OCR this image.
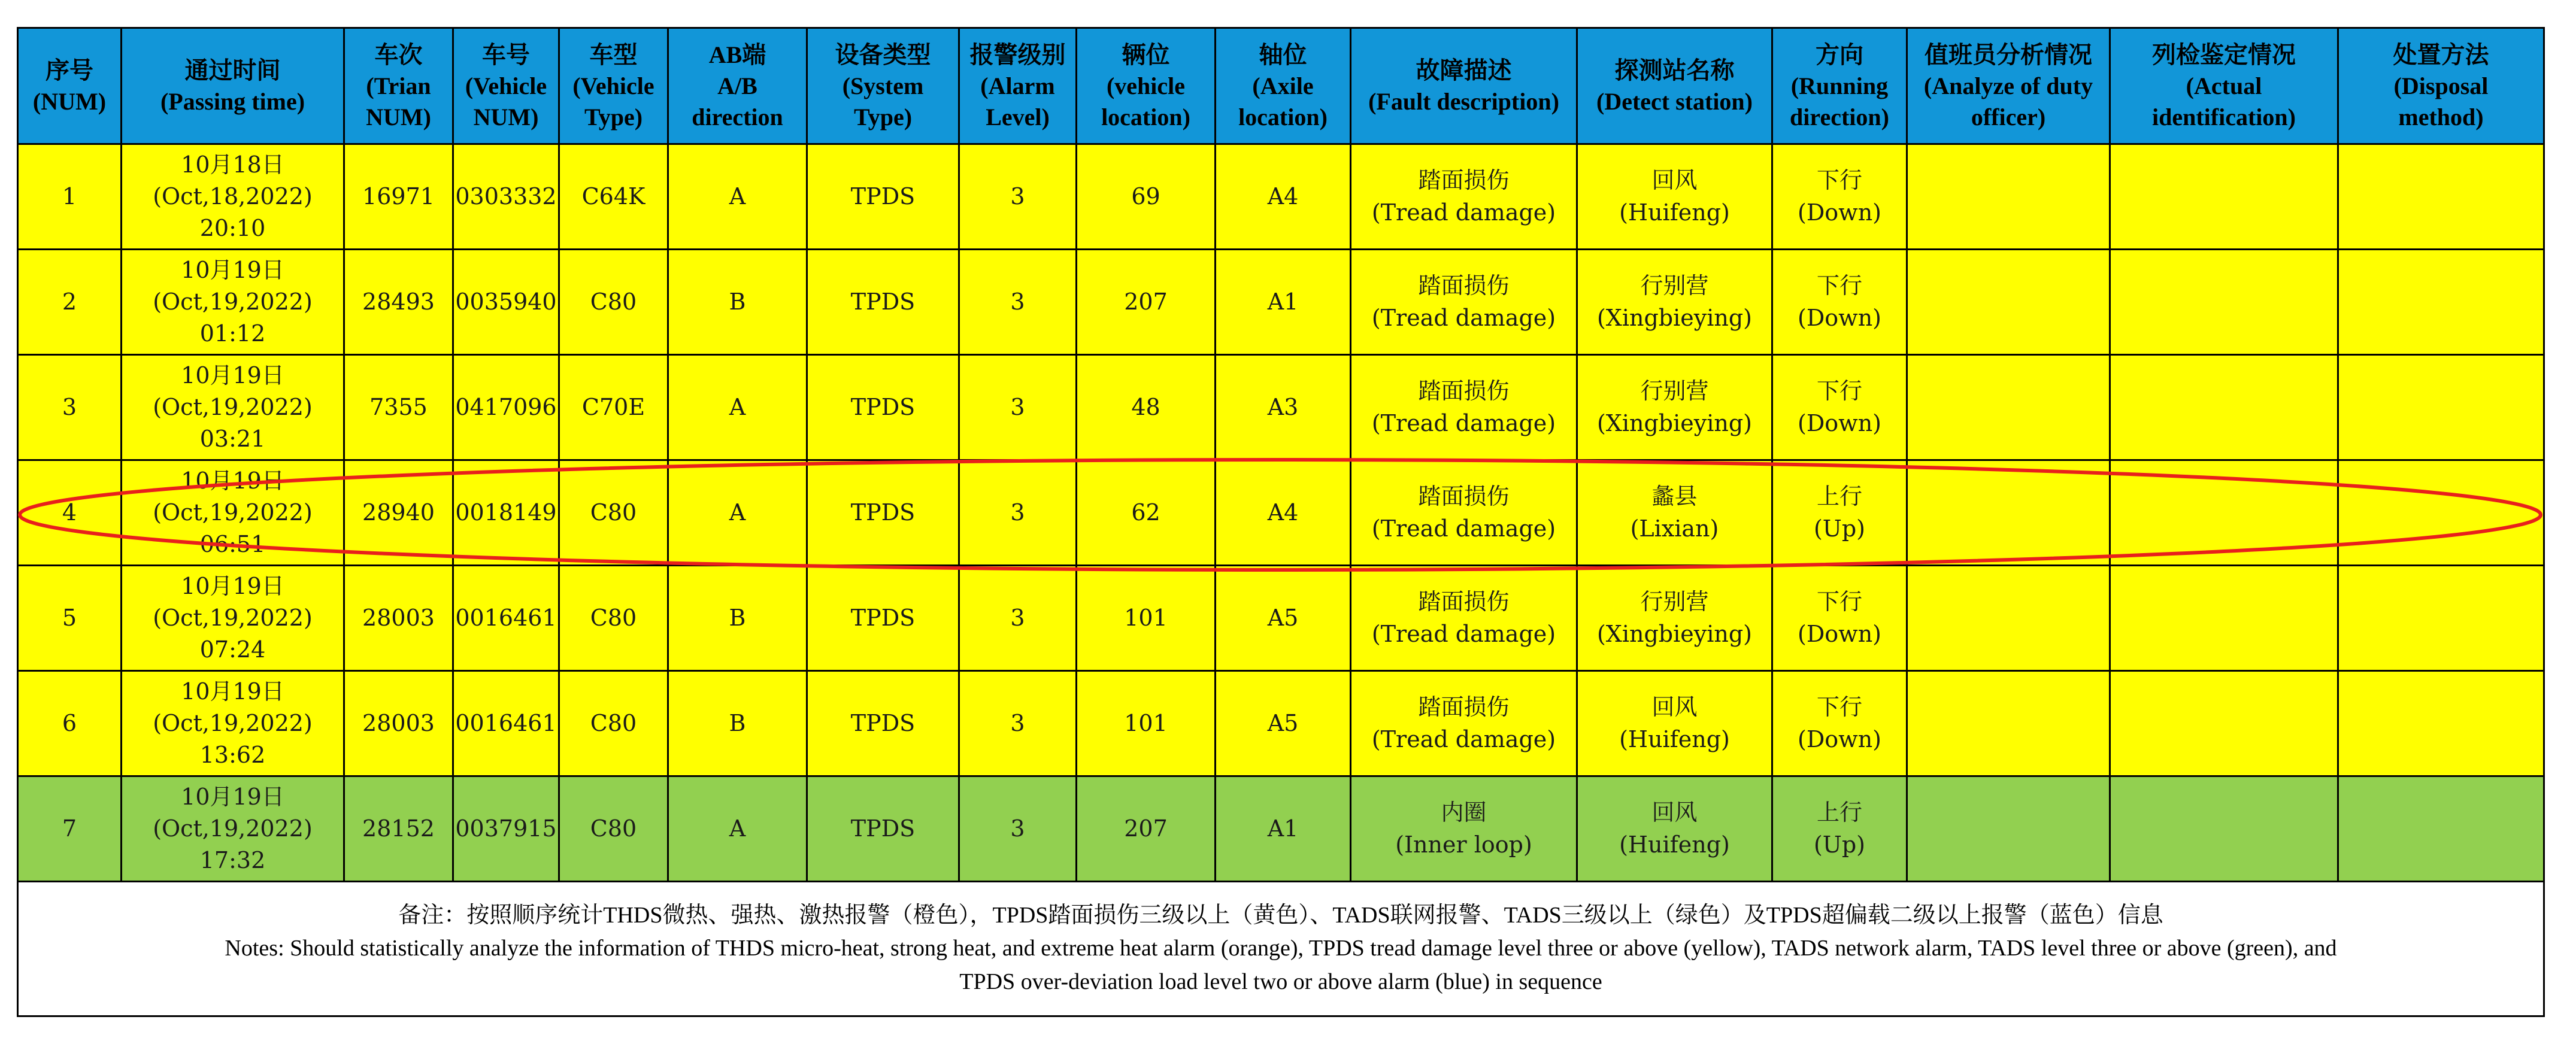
序号
(NUM)	通过时间
(Passing time)	车次
(Trian
NUM)	车号
(Vehicle
NUM)	车型
(Vehicle
Type)	AB端
A/B
direction	设备类型
(System
Type)	报警级别
(Alarm
Level)	辆位
(vehicle
location)	轴位
(Axile
location)	故障描述
(Fault description)	探测站名称
(Detect station)	方向
(Running
direction)	值班员分析情况
(Analyze of duty
officer)	列检鉴定情况
(Actual
identification)	处置方法
(Disposal
method)

1	10月18日
(Oct,18,2022)
20:10	16971	0303332	C64K	A	TPDS	3	69	A4	踏面损伤
(Tread damage)	回风
(Huifeng)	下行
(Down)			

2	10月19日
(Oct,19,2022)
01:12	28493	0035940	C80	B	TPDS	3	207	A1	踏面损伤
(Tread damage)	行别营
(Xingbieying)	下行
(Down)			

3	10月19日
(Oct,19,2022)
03:21	7355	0417096	C70E	A	TPDS	3	48	A3	踏面损伤
(Tread damage)	行别营
(Xingbieying)	下行
(Down)			

4	10月19日
(Oct,19,2022)
06:51	28940	0018149	C80	A	TPDS	3	62	A4	踏面损伤
(Tread damage)	蠡县
(Lixian)	上行
(Up)			

5	10月19日
(Oct,19,2022)
07:24	28003	0016461	C80	B	TPDS	3	101	A5	踏面损伤
(Tread damage)	行别营
(Xingbieying)	下行
(Down)			

6	10月19日
(Oct,19,2022)
13:62	28003	0016461	C80	B	TPDS	3	101	A5	踏面损伤
(Tread damage)	回风
(Huifeng)	下行
(Down)			

7	10月19日
(Oct,19,2022)
17:32	28152	0037915	C80	A	TPDS	3	207	A1	内圈
(Inner loop)	回风
(Huifeng)	上行
(Up)			

备注：按照顺序统计THDS微热、强热、激热报警（橙色），TPDS踏面损伤三级以上（黄色）、TADS联网报警、TADS三级以上（绿色）及TPDS超偏载二级以上报警（蓝色）信息
Notes: Should statistically analyze the information of THDS micro-heat, strong heat, and extreme heat alarm (orange), TPDS tread damage level three or above (yellow), TADS network alarm, TADS level three or above (green), and
TPDS over-deviation load level two or above alarm (blue) in sequence															
